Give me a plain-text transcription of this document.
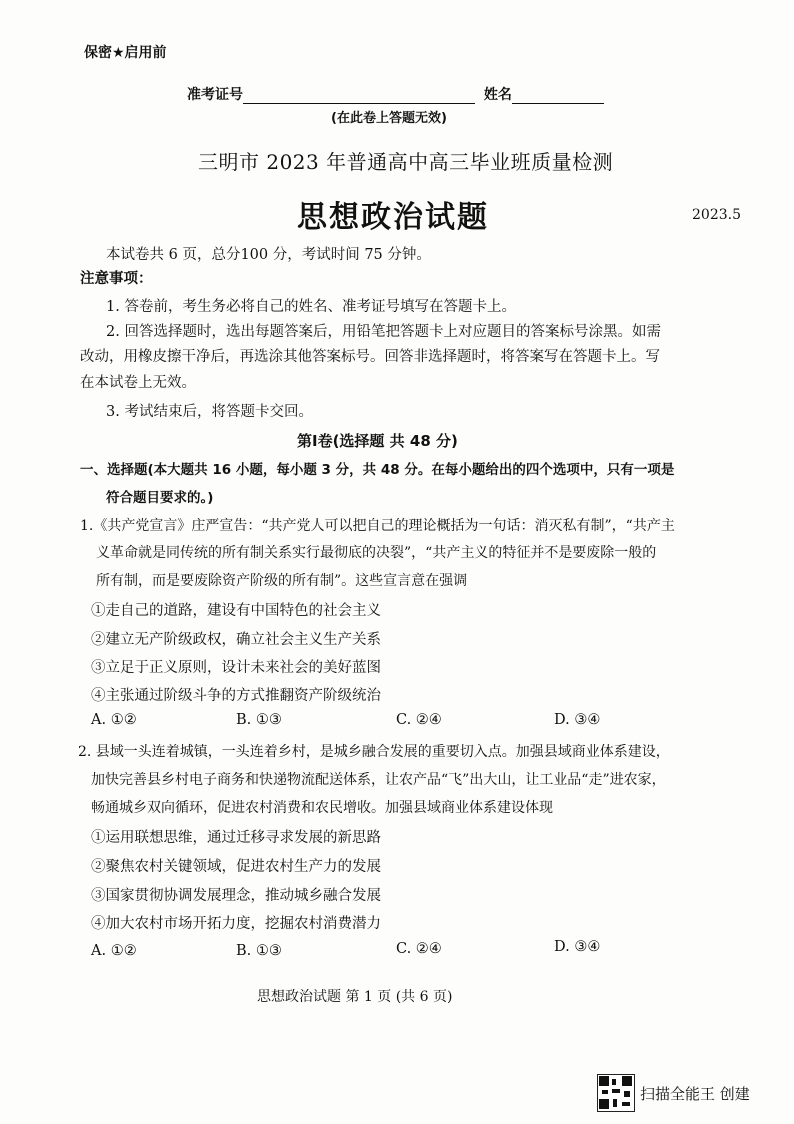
保密★启用前
准考证号	姓名
(在此卷上答题无效)
三明市 2023 年普通高中高三毕业班质量检测
思想政治试题	2023.5
本试卷共 6 页，总分100 分，考试时间 75 分钟。
注意事项：
1. 答卷前，考生务必将自己的姓名、准考证号填写在答题卡上。
2. 回答选择题时，选出每题答案后，用铅笔把答题卡上对应题目的答案标号涂黑。如需
改动，用橡皮擦干净后，再选涂其他答案标号。回答非选择题时，将答案写在答题卡上。写
在本试卷上无效。
3. 考试结束后，将答题卡交回。
第Ⅰ卷(选择题 共 48 分)
一、选择题(本大题共 16 小题，每小题 3 分，共 48 分。在每小题给出的四个选项中，只有一项是
符合题目要求的。)
1.《共产党宣言》庄严宣告：“共产党人可以把自己的理论概括为一句话：消灭私有制”，“共产主
义革命就是同传统的所有制关系实行最彻底的决裂”，“共产主义的特征并不是要废除一般的
所有制，而是要废除资产阶级的所有制”。这些宣言意在强调
①走自己的道路，建设有中国特色的社会主义
②建立无产阶级政权，确立社会主义生产关系
③立足于正义原则，设计未来社会的美好蓝图
④主张通过阶级斗争的方式推翻资产阶级统治
A. ①②	B. ①③	C. ②④	D. ③④
2. 县域一头连着城镇，一头连着乡村，是城乡融合发展的重要切入点。加强县域商业体系建设，
加快完善县乡村电子商务和快递物流配送体系，让农产品“飞”出大山，让工业品“走”进农家，
畅通城乡双向循环，促进农村消费和农民增收。加强县域商业体系建设体现
①运用联想思维，通过迁移寻求发展的新思路
②聚焦农村关键领域，促进农村生产力的发展
③国家贯彻协调发展理念，推动城乡融合发展
④加大农村市场开拓力度，挖掘农村消费潜力
A. ①②	B. ①③	C. ②④	D. ③④
思想政治试题 第 1 页 (共 6 页)
扫描全能王 创建
